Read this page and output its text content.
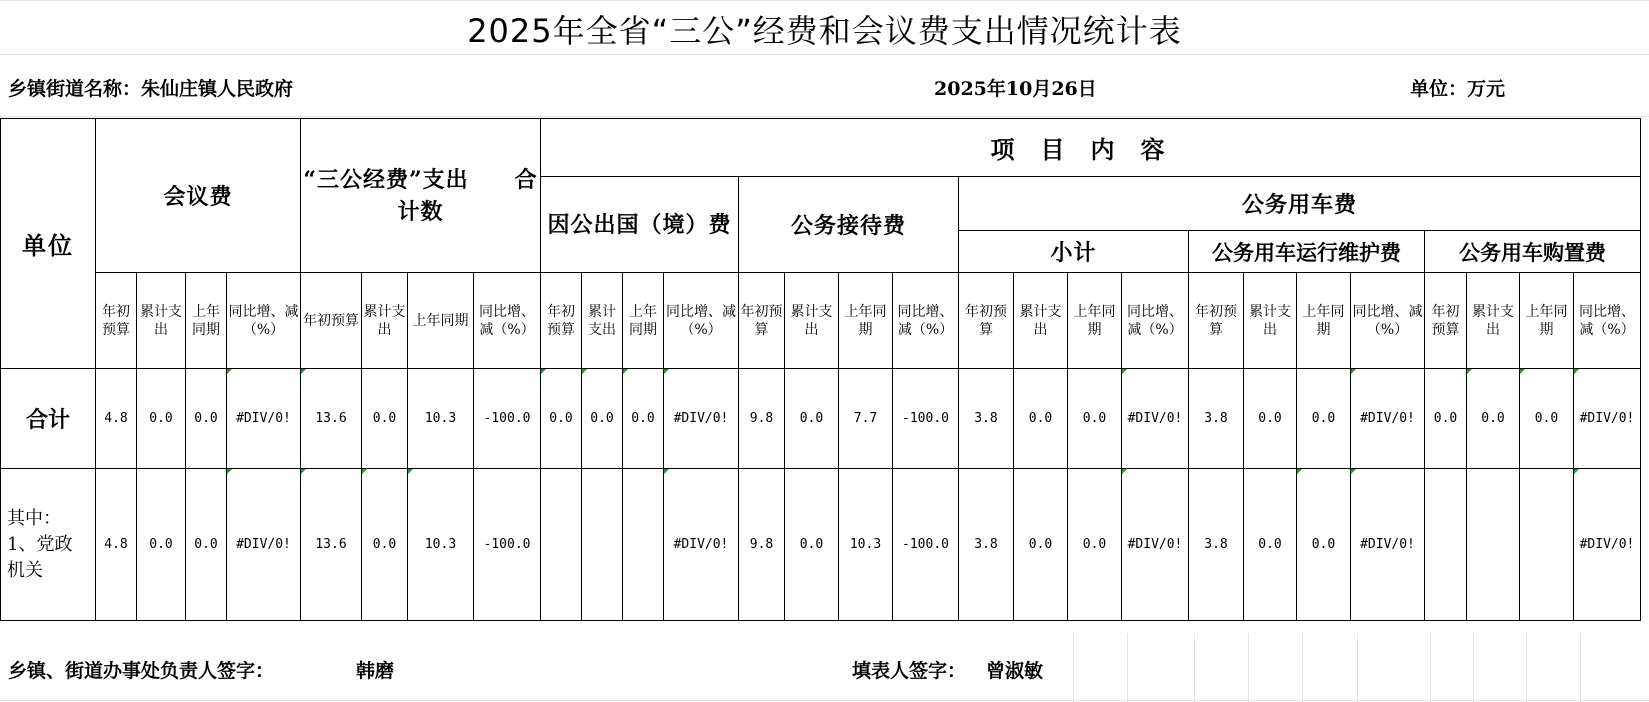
2025年全省“三公”经费和会议费支出情况统计表
乡镇街道名称：朱仙庄镇人民政府	2025年10月26日	单位：万元
单位	会议费				“三公经费”支出　　合计数				项目内容																			
									因公出国（境）费				公务接待费				公务用车费											
																	小计				公务用车运行维护费				公务用车购置费			
	年初预算	累计支出	上年同期	同比增、减（%）	年初预算	累计支出	上年同期	同比增、减（%）	年初预算	累计支出	上年同期	同比增、减（%）	年初预算	累计支出	上年同期	同比增、减（%）	年初预算	累计支出	上年同期	同比增、减（%）	年初预算	累计支出	上年同期	同比增、减（%）	年初预算	累计支出	上年同期	同比增、减（%）
合计	4.8	0.0	0.0	#DIV/0!	13.6	0.0	10.3	-100.0	0.0	0.0	0.0	#DIV/0!	9.8	0.0	7.7	-100.0	3.8	0.0	0.0	#DIV/0!	3.8	0.0	0.0	#DIV/0!	0.0	0.0	0.0	#DIV/0!
其中：
1、党政
机关	4.8	0.0	0.0	#DIV/0!	13.6	0.0	10.3	-100.0				#DIV/0!	9.8	0.0	10.3	-100.0	3.8	0.0	0.0	#DIV/0!	3.8	0.0	0.0	#DIV/0!				#DIV/0!
乡镇、街道办事处负责人签字：	韩磨	填表人签字： 曾淑敏
